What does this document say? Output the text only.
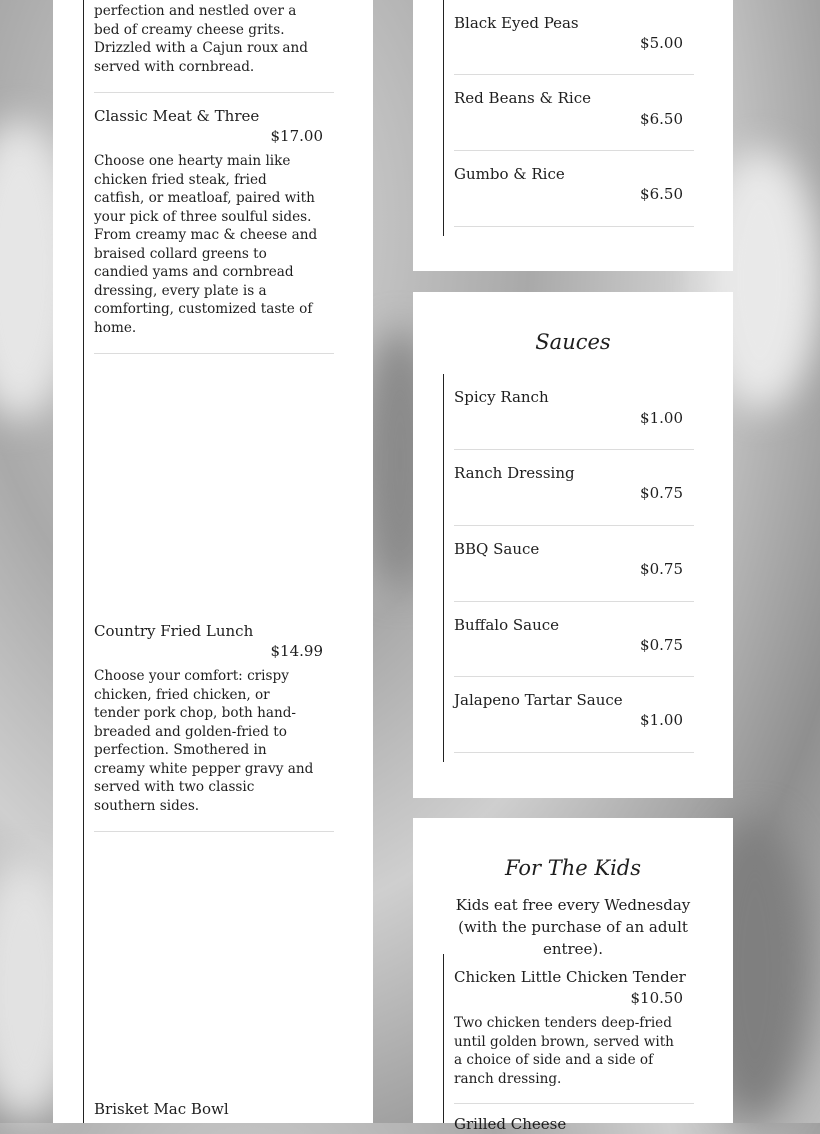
perfection and nestled over a bed of creamy cheese grits. Drizzled with a Cajun roux and served with cornbread.
Classic Meat & Three
$17.00
Choose one hearty main like chicken fried steak, fried catfish, or meatloaf, paired with your pick of three soulful sides. From creamy mac & cheese and braised collard greens to candied yams and cornbread dressing, every plate is a comforting, customized taste of home.
Country Fried Lunch
$14.99
Choose your comfort: crispy chicken, fried chicken, or tender pork chop, both hand-breaded and golden-fried to perfection. Smothered in creamy white pepper gravy and served with two classic southern sides.
Brisket Mac Bowl
Black Eyed Peas
$5.00
Red Beans & Rice
$6.50
Gumbo & Rice
$6.50
Sauces
Spicy Ranch
$1.00
Ranch Dressing
$0.75
BBQ Sauce
$0.75
Buffalo Sauce
$0.75
Jalapeno Tartar Sauce
$1.00
For The Kids
Kids eat free every Wednesday (with the purchase of an adult entree).
Chicken Little Chicken Tender
$10.50
Two chicken tenders deep-fried until golden brown, served with a choice of side and a side of ranch dressing.
Grilled Cheese
